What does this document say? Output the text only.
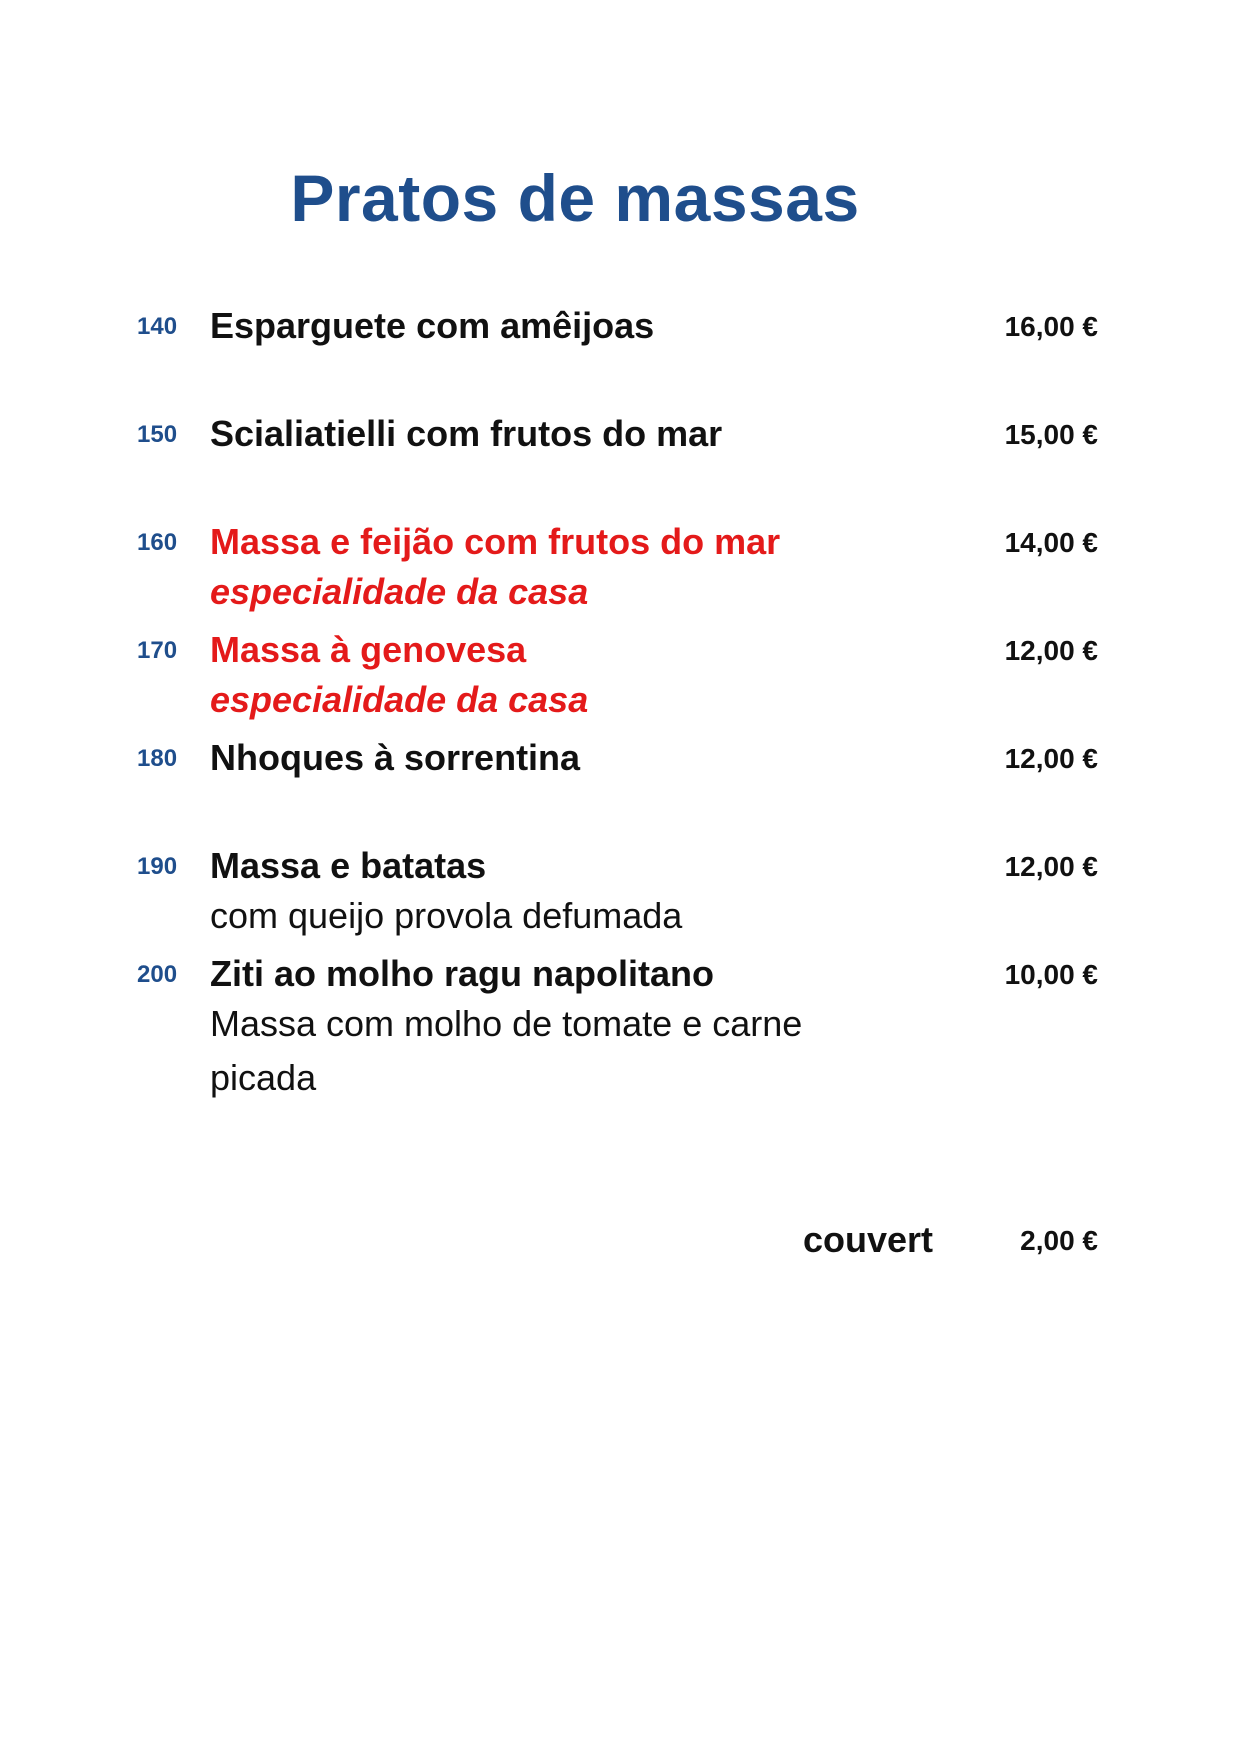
Pratos de massas
140 Esparguete com amêijoas	16,00 €
150 Scialiatielli com frutos do mar	15,00 €
160 Massa e feijão com frutos do mar	14,00 €
especialidade da casa
170 Massa à genovesa	12,00 €
especialidade da casa
180 Nhoques à sorrentina	12,00 €
190 Massa e batatas	12,00 €
com queijo provola defumada
200 Ziti ao molho ragu napolitano	10,00 €
Massa com molho de tomate e carne
picada
couvert	2,00 €
